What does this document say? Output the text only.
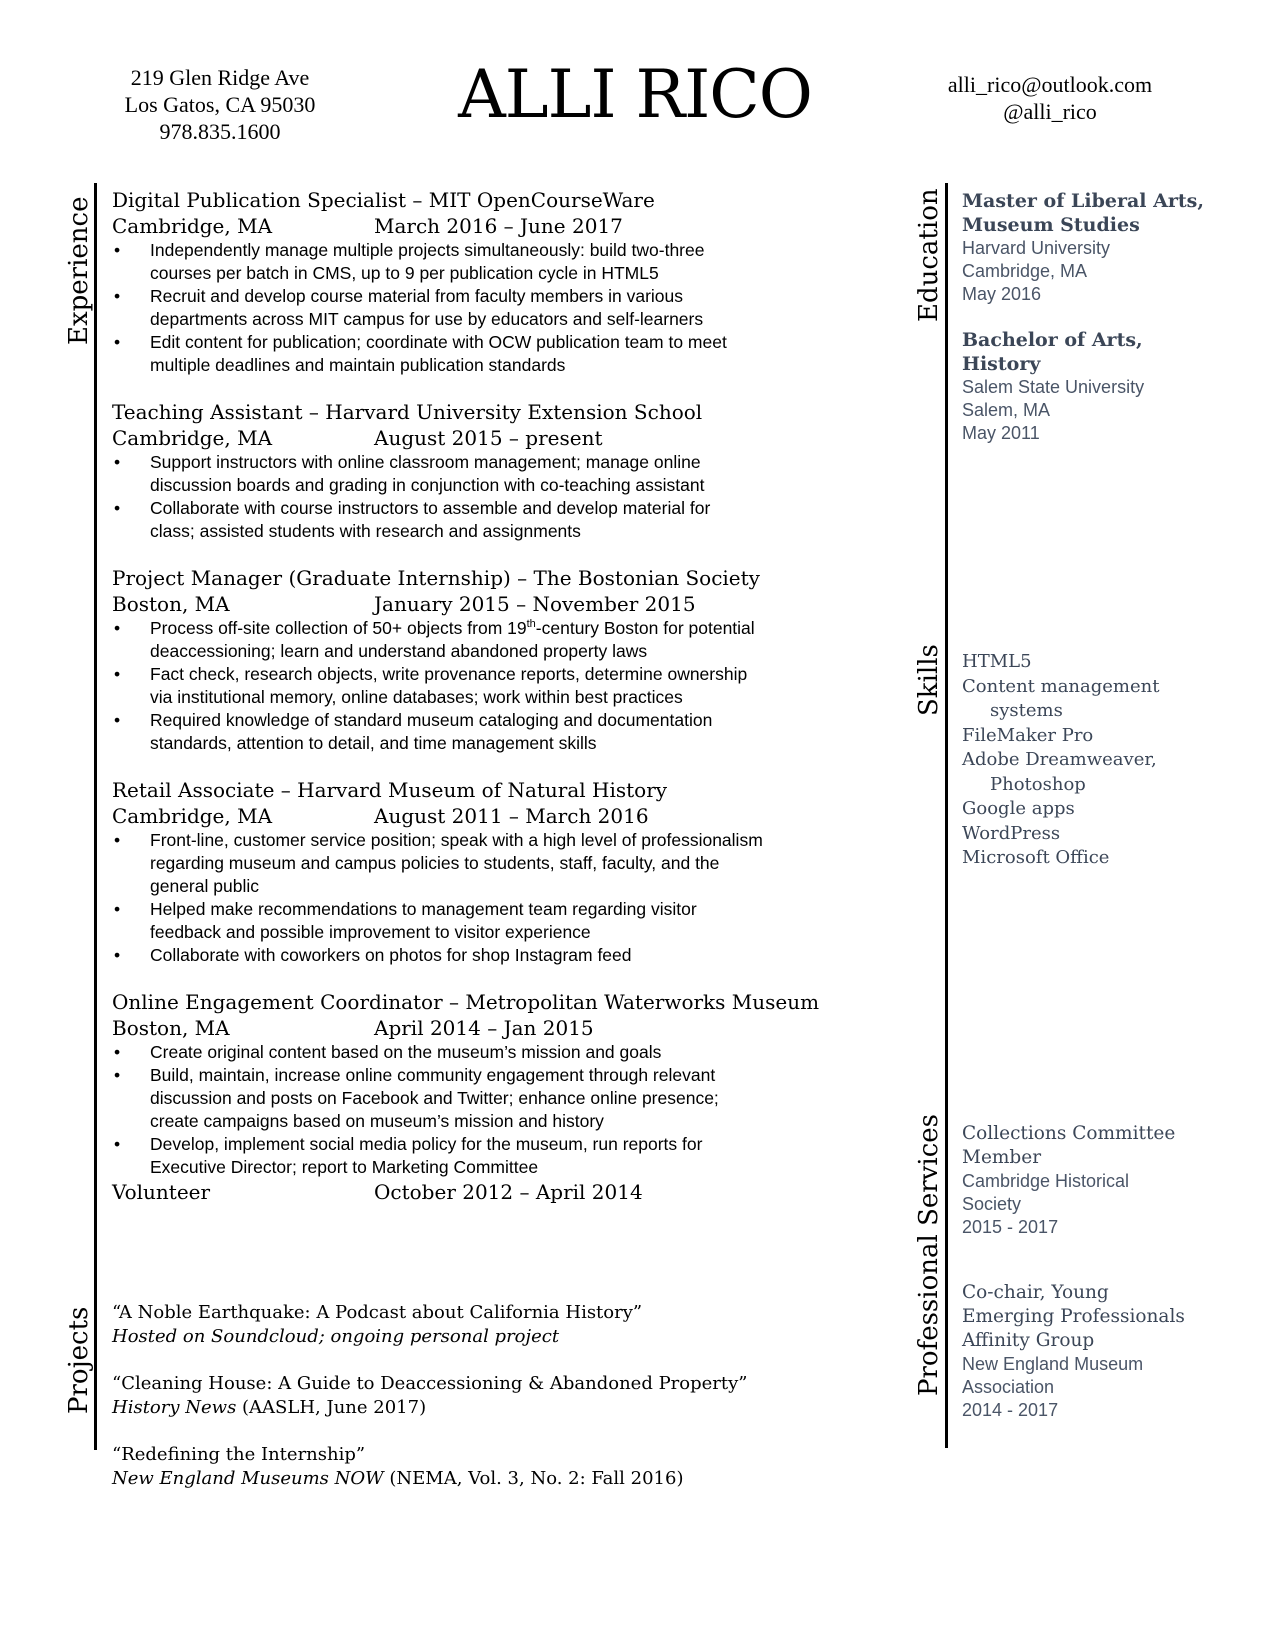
219 Glen Ridge Ave
Los Gatos, CA 95030
978.835.1600	ALLI RICO	alli_rico@outlook.com
@alli_rico
Experience
Projects
Education
Skills
Professional Services
Digital Publication Specialist – MIT OpenCourseWare
Cambridge, MA	March 2016 – June 2017
• Independently manage multiple projects simultaneously: build two-three
courses per batch in CMS, up to 9 per publication cycle in HTML5
• Recruit and develop course material from faculty members in various
departments across MIT campus for use by educators and self-learners
• Edit content for publication; coordinate with OCW publication team to meet
multiple deadlines and maintain publication standards
Teaching Assistant – Harvard University Extension School
Cambridge, MA	August 2015 – present
• Support instructors with online classroom management; manage online
discussion boards and grading in conjunction with co-teaching assistant
• Collaborate with course instructors to assemble and develop material for
class; assisted students with research and assignments
Project Manager (Graduate Internship) – The Bostonian Society
Boston, MA	January 2015 – November 2015
• Process off-site collection of 50+ objects from 19th-century Boston for potential
deaccessioning; learn and understand abandoned property laws
• Fact check, research objects, write provenance reports, determine ownership
via institutional memory, online databases; work within best practices
• Required knowledge of standard museum cataloging and documentation
standards, attention to detail, and time management skills
Retail Associate – Harvard Museum of Natural History
Cambridge, MA	August 2011 – March 2016
• Front-line, customer service position; speak with a high level of professionalism
regarding museum and campus policies to students, staff, faculty, and the
general public
• Helped make recommendations to management team regarding visitor
feedback and possible improvement to visitor experience
• Collaborate with coworkers on photos for shop Instagram feed
Online Engagement Coordinator – Metropolitan Waterworks Museum
Boston, MA	April 2014 – Jan 2015
• Create original content based on the museum’s mission and goals
• Build, maintain, increase online community engagement through relevant
discussion and posts on Facebook and Twitter; enhance online presence;
create campaigns based on museum’s mission and history
• Develop, implement social media policy for the museum, run reports for
Executive Director; report to Marketing Committee
Volunteer	October 2012 – April 2014
“A Noble Earthquake: A Podcast about California History”
Hosted on Soundcloud; ongoing personal project
“Cleaning House: A Guide to Deaccessioning & Abandoned Property”
History News (AASLH, June 2017)
“Redefining the Internship”
New England Museums NOW (NEMA, Vol. 3, No. 2: Fall 2016)
Master of Liberal Arts,
Museum Studies
Harvard University
Cambridge, MA
May 2016
Bachelor of Arts,
History
Salem State University
Salem, MA
May 2011
HTML5
Content management
systems
FileMaker Pro
Adobe Dreamweaver,
Photoshop
Google apps
WordPress
Microsoft Office
Collections Committee
Member
Cambridge Historical
Society
2015 - 2017
Co-chair, Young
Emerging Professionals
Affinity Group
New England Museum
Association
2014 - 2017
